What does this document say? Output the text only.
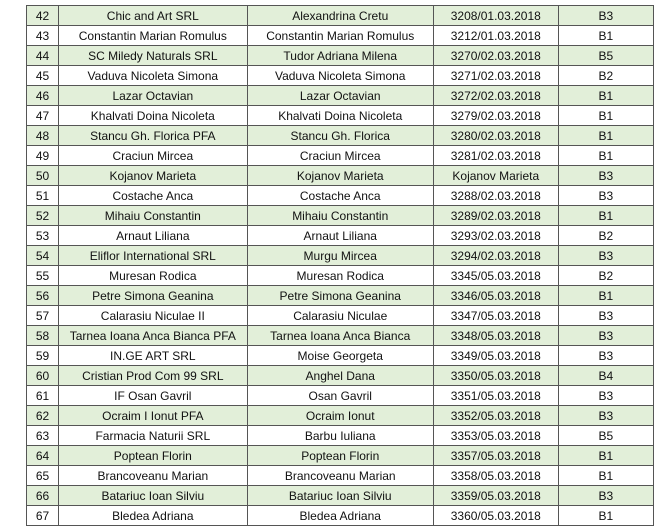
42	Chic and Art SRL	Alexandrina Cretu	3208/01.03.2018	B3
43	Constantin Marian Romulus	Constantin Marian Romulus	3212/01.03.2018	B1
44	SC Miledy Naturals SRL	Tudor Adriana Milena	3270/02.03.2018	B5
45	Vaduva Nicoleta Simona	Vaduva Nicoleta Simona	3271/02.03.2018	B2
46	Lazar Octavian	Lazar Octavian	3272/02.03.2018	B1
47	Khalvati Doina Nicoleta	Khalvati Doina Nicoleta	3279/02.03.2018	B1
48	Stancu Gh. Florica PFA	Stancu Gh. Florica	3280/02.03.2018	B1
49	Craciun Mircea	Craciun Mircea	3281/02.03.2018	B1
50	Kojanov Marieta	Kojanov Marieta	Kojanov Marieta	B3
51	Costache Anca	Costache Anca	3288/02.03.2018	B3
52	Mihaiu Constantin	Mihaiu Constantin	3289/02.03.2018	B1
53	Arnaut Liliana	Arnaut Liliana	3293/02.03.2018	B2
54	Eliflor International SRL	Murgu Mircea	3294/02.03.2018	B3
55	Muresan Rodica	Muresan Rodica	3345/05.03.2018	B2
56	Petre Simona Geanina	Petre Simona Geanina	3346/05.03.2018	B1
57	Calarasiu Niculae II	Calarasiu Niculae	3347/05.03.2018	B3
58	Tarnea Ioana Anca Bianca PFA	Tarnea Ioana Anca Bianca	3348/05.03.2018	B3
59	IN.GE ART SRL	Moise Georgeta	3349/05.03.2018	B3
60	Cristian Prod Com 99 SRL	Anghel Dana	3350/05.03.2018	B4
61	IF Osan Gavril	Osan Gavril	3351/05.03.2018	B3
62	Ocraim I Ionut PFA	Ocraim Ionut	3352/05.03.2018	B3
63	Farmacia Naturii SRL	Barbu Iuliana	3353/05.03.2018	B5
64	Poptean Florin	Poptean Florin	3357/05.03.2018	B1
65	Brancoveanu Marian	Brancoveanu Marian	3358/05.03.2018	B1
66	Batariuc Ioan Silviu	Batariuc Ioan Silviu	3359/05.03.2018	B3
67	Bledea Adriana	Bledea Adriana	3360/05.03.2018	B1
